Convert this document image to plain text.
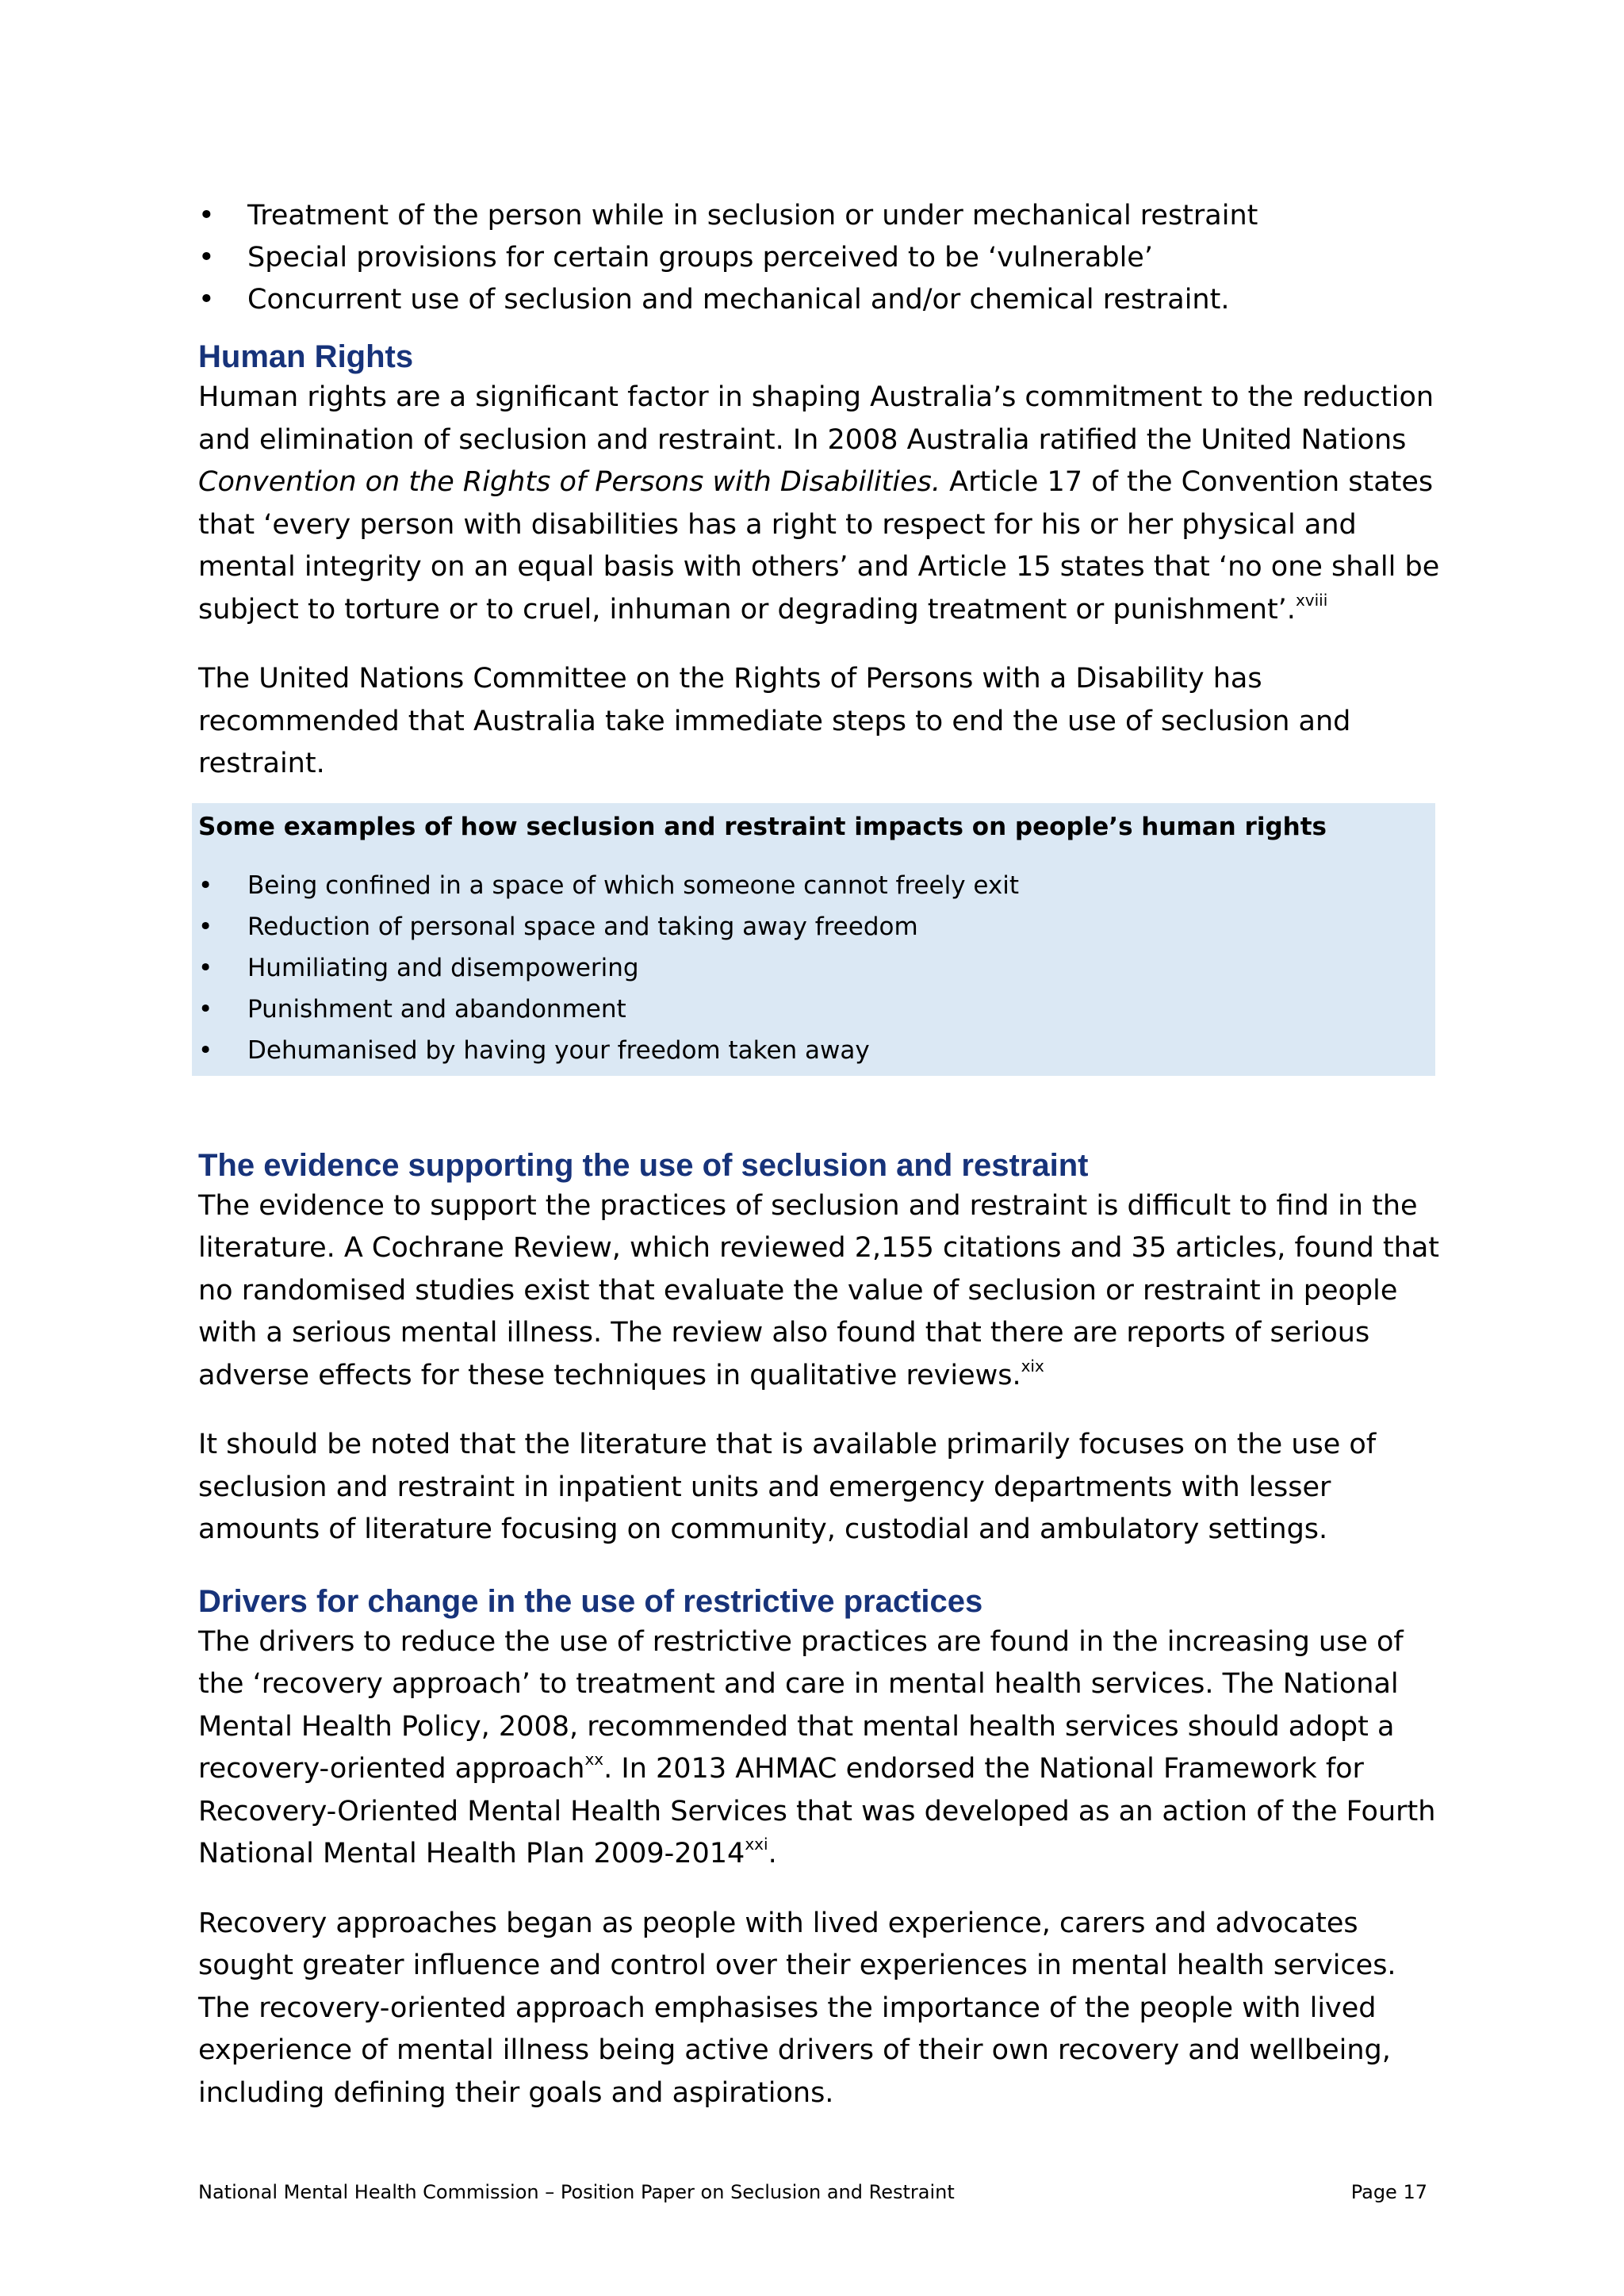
• Treatment of the person while in seclusion or under mechanical restraint
• Special provisions for certain groups perceived to be ‘vulnerable’
• Concurrent use of seclusion and mechanical and/or chemical restraint.
Human Rights

Human rights are a significant factor in shaping Australia’s commitment to the reduction and elimination of seclusion and restraint. In 2008 Australia ratified the United Nations Convention on the Rights of Persons with Disabilities. Article 17 of the Convention states that ‘every person with disabilities has a right to respect for his or her physical and mental integrity on an equal basis with others’ and Article 15 states that ‘no one shall be subject to torture or to cruel, inhuman or degrading treatment or punishment’.$^{xviii}$

The United Nations Committee on the Rights of Persons with a Disability has recommended that Australia take immediate steps to end the use of seclusion and restraint.

Some examples of how seclusion and restraint impacts on people’s human rights
• Being confined in a space of which someone cannot freely exit
• Reduction of personal space and taking away freedom
• Humiliating and disempowering
• Punishment and abandonment
• Dehumanised by having your freedom taken away
The evidence supporting the use of seclusion and restraint

The evidence to support the practices of seclusion and restraint is difficult to find in the literature. A Cochrane Review, which reviewed 2,155 citations and 35 articles, found that no randomised studies exist that evaluate the value of seclusion or restraint in people with a serious mental illness. The review also found that there are reports of serious adverse effects for these techniques in qualitative reviews.$^{xix}$

It should be noted that the literature that is available primarily focuses on the use of seclusion and restraint in inpatient units and emergency departments with lesser amounts of literature focusing on community, custodial and ambulatory settings.

Drivers for change in the use of restrictive practices

The drivers to reduce the use of restrictive practices are found in the increasing use of the ‘recovery approach’ to treatment and care in mental health services. The National Mental Health Policy, 2008, recommended that mental health services should adopt a recovery-oriented approach$^{xx}$. In 2013 AHMAC endorsed the National Framework for Recovery-Oriented Mental Health Services that was developed as an action of the Fourth National Mental Health Plan 2009-2014$^{xxi}$.

Recovery approaches began as people with lived experience, carers and advocates sought greater influence and control over their experiences in mental health services. The recovery-oriented approach emphasises the importance of the people with lived experience of mental illness being active drivers of their own recovery and wellbeing, including defining their goals and aspirations.

National Mental Health Commission – Position Paper on Seclusion and Restraint	Page 17
